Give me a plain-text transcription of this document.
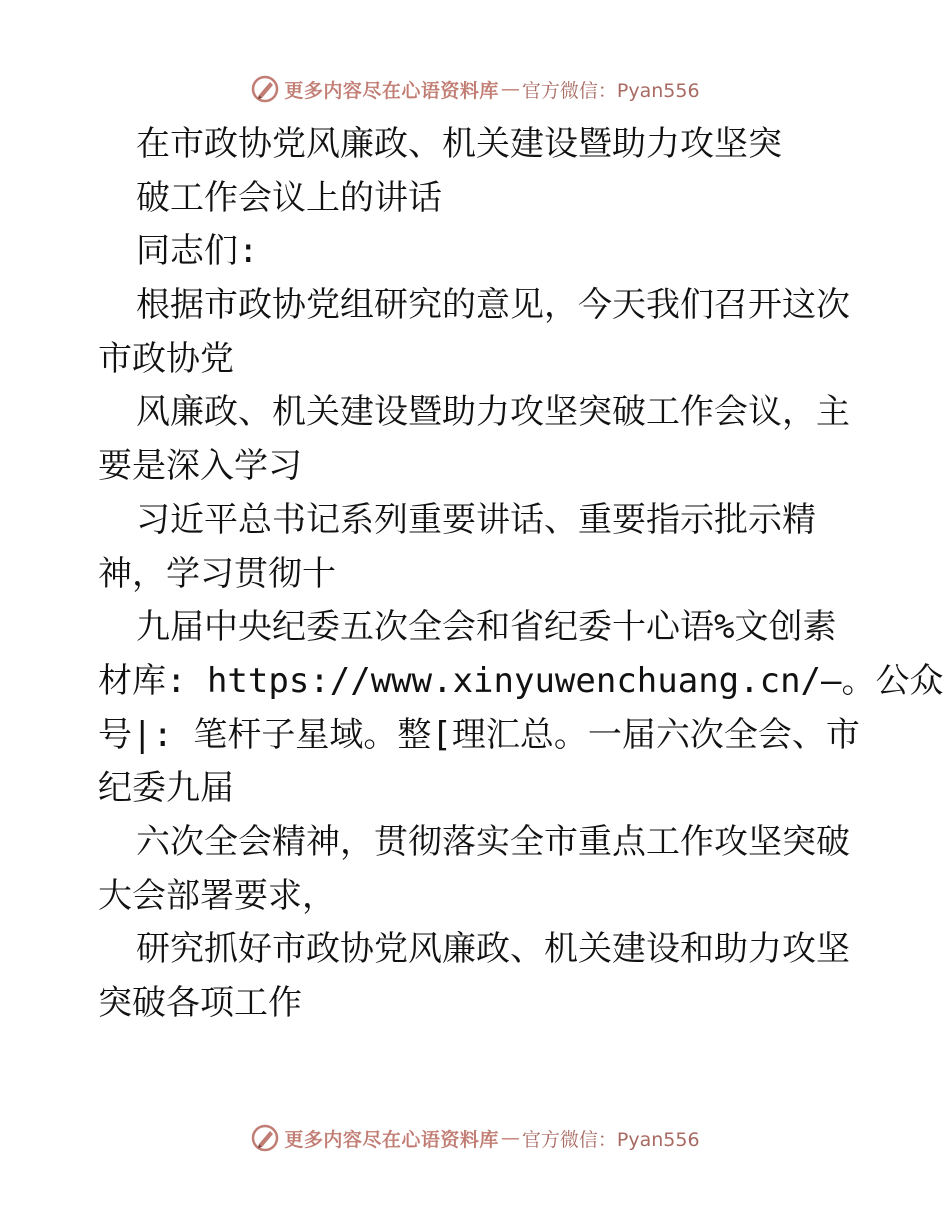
更多内容尽在心语资料库 — 官方微信：Pyan556
在市政协党风廉政、机关建设暨助力攻坚突
破工作会议上的讲话
同志们:
根据市政协党组研究的意见，今天我们召开这次
市政协党
风廉政、机关建设暨助力攻坚突破工作会议，主
要是深入学习
习近平总书记系列重要讲话、重要指示批示精
神，学习贯彻十
九届中央纪委五次全会和省纪委十心语%文创素
材库: https://www.xinyuwenchuang.cn/—。公众
号|: 笔杆子星域。整[理汇总。一届六次全会、市
纪委九届
六次全会精神，贯彻落实全市重点工作攻坚突破
大会部署要求，
研究抓好市政协党风廉政、机关建设和助力攻坚
突破各项工作
更多内容尽在心语资料库 — 官方微信：Pyan556
